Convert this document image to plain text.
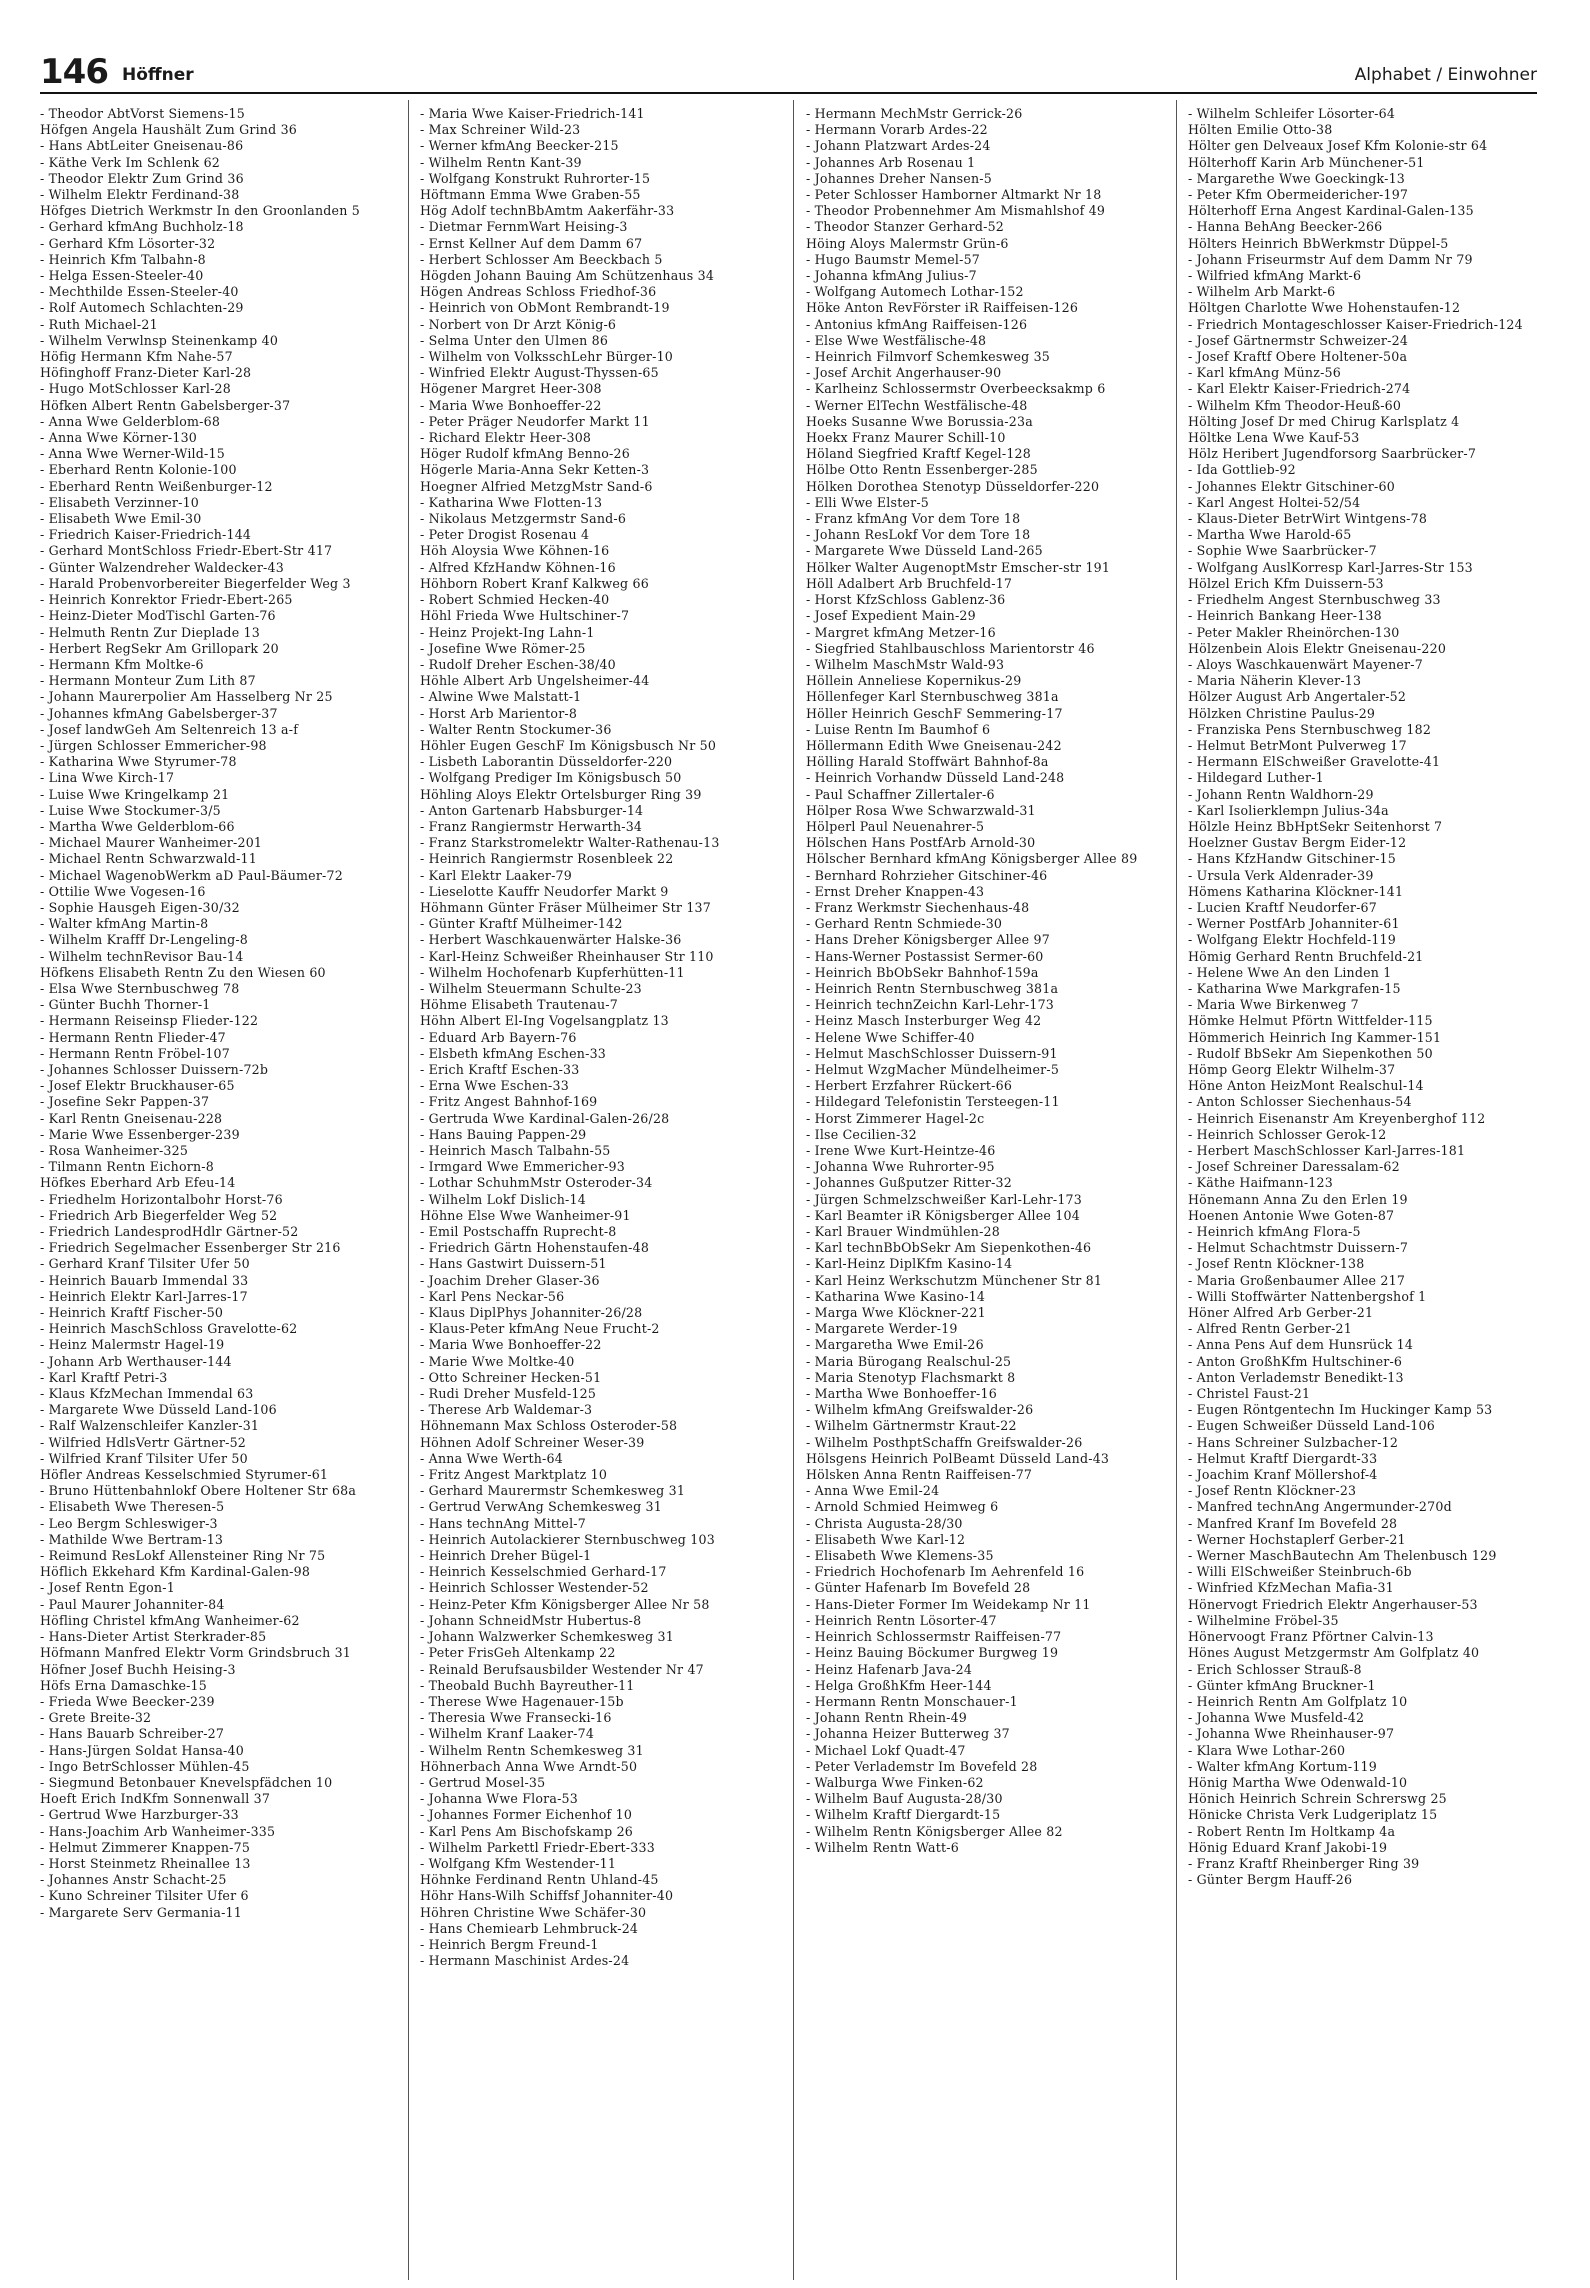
146 Höffner	Alphabet / Einwohner
- Theodor AbtVorst Siemens-15
Höfgen Angela Haushält Zum Grind 36
- Hans AbtLeiter Gneisenau-86
- Käthe Verk Im Schlenk 62
- Theodor Elektr Zum Grind 36
- Wilhelm Elektr Ferdinand-38
Höfges Dietrich Werkmstr In den Groonlanden 5
- Gerhard kfmAng Buchholz-18
- Gerhard Kfm Lösorter-32
- Heinrich Kfm Talbahn-8
- Helga Essen-Steeler-40
- Mechthilde Essen-Steeler-40
- Rolf Automech Schlachten-29
- Ruth Michael-21
- Wilhelm Verwlnsp Steinenkamp 40
Höfig Hermann Kfm Nahe-57
Höfinghoff Franz-Dieter Karl-28
- Hugo MotSchlosser Karl-28
Höfken Albert Rentn Gabelsberger-37
- Anna Wwe Gelderblom-68
- Anna Wwe Körner-130
- Anna Wwe Werner-Wild-15
- Eberhard Rentn Kolonie-100
- Eberhard Rentn Weißenburger-12
- Elisabeth Verzinner-10
- Elisabeth Wwe Emil-30
- Friedrich Kaiser-Friedrich-144
- Gerhard MontSchloss Friedr-Ebert-Str 417
- Günter Walzendreher Waldecker-43
- Harald Probenvorbereiter Biegerfelder Weg 3
- Heinrich Konrektor Friedr-Ebert-265
- Heinz-Dieter ModTischl Garten-76
- Helmuth Rentn Zur Dieplade 13
- Herbert RegSekr Am Grillopark 20
- Hermann Kfm Moltke-6
- Hermann Monteur Zum Lith 87
- Johann Maurerpolier Am Hasselberg Nr 25
- Johannes kfmAng Gabelsberger-37
- Josef landwGeh Am Seltenreich 13 a-f
- Jürgen Schlosser Emmericher-98
- Katharina Wwe Styrumer-78
- Lina Wwe Kirch-17
- Luise Wwe Kringelkamp 21
- Luise Wwe Stockumer-3/5
- Martha Wwe Gelderblom-66
- Michael Maurer Wanheimer-201
- Michael Rentn Schwarzwald-11
- Michael WagenobWerkm aD Paul-Bäumer-72
- Ottilie Wwe Vogesen-16
- Sophie Hausgeh Eigen-30/32
- Walter kfmAng Martin-8
- Wilhelm Krafff Dr-Lengeling-8
- Wilhelm technRevisor Bau-14
Höfkens Elisabeth Rentn Zu den Wiesen 60
- Elsa Wwe Sternbuschweg 78
- Günter Buchh Thorner-1
- Hermann Reiseinsp Flieder-122
- Hermann Rentn Flieder-47
- Hermann Rentn Fröbel-107
- Johannes Schlosser Duissern-72b
- Josef Elektr Bruckhauser-65
- Josefine Sekr Pappen-37
- Karl Rentn Gneisenau-228
- Marie Wwe Essenberger-239
- Rosa Wanheimer-325
- Tilmann Rentn Eichorn-8
Höfkes Eberhard Arb Efeu-14
- Friedhelm Horizontalbohr Horst-76
- Friedrich Arb Biegerfelder Weg 52
- Friedrich LandesprodHdlr Gärtner-52
- Friedrich Segelmacher Essenberger Str 216
- Gerhard Kranf Tilsiter Ufer 50
- Heinrich Bauarb Immendal 33
- Heinrich Elektr Karl-Jarres-17
- Heinrich Kraftf Fischer-50
- Heinrich MaschSchloss Gravelotte-62
- Heinz Malermstr Hagel-19
- Johann Arb Werthauser-144
- Karl Kraftf Petri-3
- Klaus KfzMechan Immendal 63
- Margarete Wwe Düsseld Land-106
- Ralf Walzenschleifer Kanzler-31
- Wilfried HdlsVertr Gärtner-52
- Wilfried Kranf Tilsiter Ufer 50
Höfler Andreas Kesselschmied Styrumer-61
- Bruno Hüttenbahnlokf Obere Holtener Str 68a
- Elisabeth Wwe Theresen-5
- Leo Bergm Schleswiger-3
- Mathilde Wwe Bertram-13
- Reimund ResLokf Allensteiner Ring Nr 75
Höflich Ekkehard Kfm Kardinal-Galen-98
- Josef Rentn Egon-1
- Paul Maurer Johanniter-84
Höfling Christel kfmAng Wanheimer-62
- Hans-Dieter Artist Sterkrader-85
Höfmann Manfred Elektr Vorm Grindsbruch 31
Höfner Josef Buchh Heising-3
Höfs Erna Damaschke-15
- Frieda Wwe Beecker-239
- Grete Breite-32
- Hans Bauarb Schreiber-27
- Hans-Jürgen Soldat Hansa-40
- Ingo BetrSchlosser Mühlen-45
- Siegmund Betonbauer Knevelspfädchen 10
Hoeft Erich IndKfm Sonnenwall 37
- Gertrud Wwe Harzburger-33
- Hans-Joachim Arb Wanheimer-335
- Helmut Zimmerer Knappen-75
- Horst Steinmetz Rheinallee 13
- Johannes Anstr Schacht-25
- Kuno Schreiner Tilsiter Ufer 6
- Margarete Serv Germania-11
- Maria Wwe Kaiser-Friedrich-141
- Max Schreiner Wild-23
- Werner kfmAng Beecker-215
- Wilhelm Rentn Kant-39
- Wolfgang Konstrukt Ruhrorter-15
Höftmann Emma Wwe Graben-55
Hög Adolf technBbAmtm Aakerfähr-33
- Dietmar FernmWart Heising-3
- Ernst Kellner Auf dem Damm 67
- Herbert Schlosser Am Beeckbach 5
Högden Johann Bauing Am Schützenhaus 34
Högen Andreas Schloss Friedhof-36
- Heinrich von ObMont Rembrandt-19
- Norbert von Dr Arzt König-6
- Selma Unter den Ulmen 86
- Wilhelm von VolksschLehr Bürger-10
- Winfried Elektr August-Thyssen-65
Högener Margret Heer-308
- Maria Wwe Bonhoeffer-22
- Peter Präger Neudorfer Markt 11
- Richard Elektr Heer-308
Höger Rudolf kfmAng Benno-26
Högerle Maria-Anna Sekr Ketten-3
Hoegner Alfried MetzgMstr Sand-6
- Katharina Wwe Flotten-13
- Nikolaus Metzgermstr Sand-6
- Peter Drogist Rosenau 4
Höh Aloysia Wwe Köhnen-16
- Alfred KfzHandw Köhnen-16
Höhborn Robert Kranf Kalkweg 66
- Robert Schmied Hecken-40
Höhl Frieda Wwe Hultschiner-7
- Heinz Projekt-Ing Lahn-1
- Josefine Wwe Römer-25
- Rudolf Dreher Eschen-38/40
Höhle Albert Arb Ungelsheimer-44
- Alwine Wwe Malstatt-1
- Horst Arb Marientor-8
- Walter Rentn Stockumer-36
Höhler Eugen GeschF Im Königsbusch Nr 50
- Lisbeth Laborantin Düsseldorfer-220
- Wolfgang Prediger Im Königsbusch 50
Höhling Aloys Elektr Ortelsburger Ring 39
- Anton Gartenarb Habsburger-14
- Franz Rangiermstr Herwarth-34
- Franz Starkstromelektr Walter-Rathenau-13
- Heinrich Rangiermstr Rosenbleek 22
- Karl Elektr Laaker-79
- Lieselotte Kauffr Neudorfer Markt 9
Höhmann Günter Fräser Mülheimer Str 137
- Günter Kraftf Mülheimer-142
- Herbert Waschkauenwärter Halske-36
- Karl-Heinz Schweißer Rheinhauser Str 110
- Wilhelm Hochofenarb Kupferhütten-11
- Wilhelm Steuermann Schulte-23
Höhme Elisabeth Trautenau-7
Höhn Albert El-Ing Vogelsangplatz 13
- Eduard Arb Bayern-76
- Elsbeth kfmAng Eschen-33
- Erich Kraftf Eschen-33
- Erna Wwe Eschen-33
- Fritz Angest Bahnhof-169
- Gertruda Wwe Kardinal-Galen-26/28
- Hans Bauing Pappen-29
- Heinrich Masch Talbahn-55
- Irmgard Wwe Emmericher-93
- Lothar SchuhmMstr Osteroder-34
- Wilhelm Lokf Dislich-14
Höhne Else Wwe Wanheimer-91
- Emil Postschaffn Ruprecht-8
- Friedrich Gärtn Hohenstaufen-48
- Hans Gastwirt Duissern-51
- Joachim Dreher Glaser-36
- Karl Pens Neckar-56
- Klaus DiplPhys Johanniter-26/28
- Klaus-Peter kfmAng Neue Frucht-2
- Maria Wwe Bonhoeffer-22
- Marie Wwe Moltke-40
- Otto Schreiner Hecken-51
- Rudi Dreher Musfeld-125
- Therese Arb Waldemar-3
Höhnemann Max Schloss Osteroder-58
Höhnen Adolf Schreiner Weser-39
- Anna Wwe Werth-64
- Fritz Angest Marktplatz 10
- Gerhard Maurermstr Schemkesweg 31
- Gertrud VerwAng Schemkesweg 31
- Hans technAng Mittel-7
- Heinrich Autolackierer Sternbuschweg 103
- Heinrich Dreher Bügel-1
- Heinrich Kesselschmied Gerhard-17
- Heinrich Schlosser Westender-52
- Heinz-Peter Kfm Königsberger Allee Nr 58
- Johann SchneidMstr Hubertus-8
- Johann Walzwerker Schemkesweg 31
- Peter FrisGeh Altenkamp 22
- Reinald Berufsausbilder Westender Nr 47
- Theobald Buchh Bayreuther-11
- Therese Wwe Hagenauer-15b
- Theresia Wwe Fransecki-16
- Wilhelm Kranf Laaker-74
- Wilhelm Rentn Schemkesweg 31
Höhnerbach Anna Wwe Arndt-50
- Gertrud Mosel-35
- Johanna Wwe Flora-53
- Johannes Former Eichenhof 10
- Karl Pens Am Bischofskamp 26
- Wilhelm Parkettl Friedr-Ebert-333
- Wolfgang Kfm Westender-11
Höhnke Ferdinand Rentn Uhland-45
Höhr Hans-Wilh Schiffsf Johanniter-40
Höhren Christine Wwe Schäfer-30
- Hans Chemiearb Lehmbruck-24
- Heinrich Bergm Freund-1
- Hermann Maschinist Ardes-24
- Hermann MechMstr Gerrick-26
- Hermann Vorarb Ardes-22
- Johann Platzwart Ardes-24
- Johannes Arb Rosenau 1
- Johannes Dreher Nansen-5
- Peter Schlosser Hamborner Altmarkt Nr 18
- Theodor Probennehmer Am Mismahlshof 49
- Theodor Stanzer Gerhard-52
Höing Aloys Malermstr Grün-6
- Hugo Baumstr Memel-57
- Johanna kfmAng Julius-7
- Wolfgang Automech Lothar-152
Höke Anton RevFörster iR Raiffeisen-126
- Antonius kfmAng Raiffeisen-126
- Else Wwe Westfälische-48
- Heinrich Filmvorf Schemkesweg 35
- Josef Archit Angerhauser-90
- Karlheinz Schlossermstr Overbeecksakmp 6
- Werner ElTechn Westfälische-48
Hoeks Susanne Wwe Borussia-23a
Hoekx Franz Maurer Schill-10
Höland Siegfried Kraftf Kegel-128
Hölbe Otto Rentn Essenberger-285
Hölken Dorothea Stenotyp Düsseldorfer-220
- Elli Wwe Elster-5
- Franz kfmAng Vor dem Tore 18
- Johann ResLokf Vor dem Tore 18
- Margarete Wwe Düsseld Land-265
Hölker Walter AugenoptMstr Emscher-str 191
Höll Adalbert Arb Bruchfeld-17
- Horst KfzSchloss Gablenz-36
- Josef Expedient Main-29
- Margret kfmAng Metzer-16
- Siegfried Stahlbauschloss Marientorstr 46
- Wilhelm MaschMstr Wald-93
Höllein Anneliese Kopernikus-29
Höllenfeger Karl Sternbuschweg 381a
Höller Heinrich GeschF Semmering-17
- Luise Rentn Im Baumhof 6
Höllermann Edith Wwe Gneisenau-242
Hölling Harald Stoffwärt Bahnhof-8a
- Heinrich Vorhandw Düsseld Land-248
- Paul Schaffner Zillertaler-6
Hölper Rosa Wwe Schwarzwald-31
Hölperl Paul Neuenahrer-5
Hölschen Hans PostfArb Arnold-30
Hölscher Bernhard kfmAng Königsberger Allee 89
- Bernhard Rohrzieher Gitschiner-46
- Ernst Dreher Knappen-43
- Franz Werkmstr Siechenhaus-48
- Gerhard Rentn Schmiede-30
- Hans Dreher Königsberger Allee 97
- Hans-Werner Postassist Sermer-60
- Heinrich BbObSekr Bahnhof-159a
- Heinrich Rentn Sternbuschweg 381a
- Heinrich technZeichn Karl-Lehr-173
- Heinz Masch Insterburger Weg 42
- Helene Wwe Schiffer-40
- Helmut MaschSchlosser Duissern-91
- Helmut WzgMacher Mündelheimer-5
- Herbert Erzfahrer Rückert-66
- Hildegard Telefonistin Tersteegen-11
- Horst Zimmerer Hagel-2c
- Ilse Cecilien-32
- Irene Wwe Kurt-Heintze-46
- Johanna Wwe Ruhrorter-95
- Johannes Gußputzer Ritter-32
- Jürgen Schmelzschweißer Karl-Lehr-173
- Karl Beamter iR Königsberger Allee 104
- Karl Brauer Windmühlen-28
- Karl technBbObSekr Am Siepenkothen-46
- Karl-Heinz DiplKfm Kasino-14
- Karl Heinz Werkschutzm Münchener Str 81
- Katharina Wwe Kasino-14
- Marga Wwe Klöckner-221
- Margarete Werder-19
- Margaretha Wwe Emil-26
- Maria Bürogang Realschul-25
- Maria Stenotyp Flachsmarkt 8
- Martha Wwe Bonhoeffer-16
- Wilhelm kfmAng Greifswalder-26
- Wilhelm Gärtnermstr Kraut-22
- Wilhelm PosthptSchaffn Greifswalder-26
Hölsgens Heinrich PolBeamt Düsseld Land-43
Hölsken Anna Rentn Raiffeisen-77
- Anna Wwe Emil-24
- Arnold Schmied Heimweg 6
- Christa Augusta-28/30
- Elisabeth Wwe Karl-12
- Elisabeth Wwe Klemens-35
- Friedrich Hochofenarb Im Aehrenfeld 16
- Günter Hafenarb Im Bovefeld 28
- Hans-Dieter Former Im Weidekamp Nr 11
- Heinrich Rentn Lösorter-47
- Heinrich Schlossermstr Raiffeisen-77
- Heinz Bauing Böckumer Burgweg 19
- Heinz Hafenarb Java-24
- Helga GroßhKfm Heer-144
- Hermann Rentn Monschauer-1
- Johann Rentn Rhein-49
- Johanna Heizer Butterweg 37
- Michael Lokf Quadt-47
- Peter Verlademstr Im Bovefeld 28
- Walburga Wwe Finken-62
- Wilhelm Bauf Augusta-28/30
- Wilhelm Kraftf Diergardt-15
- Wilhelm Rentn Königsberger Allee 82
- Wilhelm Rentn Watt-6
- Wilhelm Schleifer Lösorter-64
Hölten Emilie Otto-38
Hölter gen Delveaux Josef Kfm Kolonie-str 64
Hölterhoff Karin Arb Münchener-51
- Margarethe Wwe Goeckingk-13
- Peter Kfm Obermeidericher-197
Hölterhoff Erna Angest Kardinal-Galen-135
- Hanna BehAng Beecker-266
Hölters Heinrich BbWerkmstr Düppel-5
- Johann Friseurmstr Auf dem Damm Nr 79
- Wilfried kfmAng Markt-6
- Wilhelm Arb Markt-6
Höltgen Charlotte Wwe Hohenstaufen-12
- Friedrich Montageschlosser Kaiser-Friedrich-124
- Josef Gärtnermstr Schweizer-24
- Josef Kraftf Obere Holtener-50a
- Karl kfmAng Münz-56
- Karl Elektr Kaiser-Friedrich-274
- Wilhelm Kfm Theodor-Heuß-60
Hölting Josef Dr med Chirug Karlsplatz 4
Höltke Lena Wwe Kauf-53
Hölz Heribert Jugendforsorg Saarbrücker-7
- Ida Gottlieb-92
- Johannes Elektr Gitschiner-60
- Karl Angest Holtei-52/54
- Klaus-Dieter BetrWirt Wintgens-78
- Martha Wwe Harold-65
- Sophie Wwe Saarbrücker-7
- Wolfgang AuslKorresp Karl-Jarres-Str 153
Hölzel Erich Kfm Duissern-53
- Friedhelm Angest Sternbuschweg 33
- Heinrich Bankang Heer-138
- Peter Makler Rheinörchen-130
Hölzenbein Alois Elektr Gneisenau-220
- Aloys Waschkauenwärt Mayener-7
- Maria Näherin Klever-13
Hölzer August Arb Angertaler-52
Hölzken Christine Paulus-29
- Franziska Pens Sternbuschweg 182
- Helmut BetrMont Pulverweg 17
- Hermann ElSchweißer Gravelotte-41
- Hildegard Luther-1
- Johann Rentn Waldhorn-29
- Karl Isolierklempn Julius-34a
Hölzle Heinz BbHptSekr Seitenhorst 7
Hoelzner Gustav Bergm Eider-12
- Hans KfzHandw Gitschiner-15
- Ursula Verk Aldenrader-39
Hömens Katharina Klöckner-141
- Lucien Kraftf Neudorfer-67
- Werner PostfArb Johanniter-61
- Wolfgang Elektr Hochfeld-119
Hömig Gerhard Rentn Bruchfeld-21
- Helene Wwe An den Linden 1
- Katharina Wwe Markgrafen-15
- Maria Wwe Birkenweg 7
Hömke Helmut Pförtn Wittfelder-115
Hömmerich Heinrich Ing Kammer-151
- Rudolf BbSekr Am Siepenkothen 50
Hömp Georg Elektr Wilhelm-37
Höne Anton HeizMont Realschul-14
- Anton Schlosser Siechenhaus-54
- Heinrich Eisenanstr Am Kreyenberghof 112
- Heinrich Schlosser Gerok-12
- Herbert MaschSchlosser Karl-Jarres-181
- Josef Schreiner Daressalam-62
- Käthe Haifmann-123
Hönemann Anna Zu den Erlen 19
Hoenen Antonie Wwe Goten-87
- Heinrich kfmAng Flora-5
- Helmut Schachtmstr Duissern-7
- Josef Rentn Klöckner-138
- Maria Großenbaumer Allee 217
- Willi Stoffwärter Nattenbergshof 1
Höner Alfred Arb Gerber-21
- Alfred Rentn Gerber-21
- Anna Pens Auf dem Hunsrück 14
- Anton GroßhKfm Hultschiner-6
- Anton Verlademstr Benedikt-13
- Christel Faust-21
- Eugen Röntgentechn Im Huckinger Kamp 53
- Eugen Schweißer Düsseld Land-106
- Hans Schreiner Sulzbacher-12
- Helmut Kraftf Diergardt-33
- Joachim Kranf Möllershof-4
- Josef Rentn Klöckner-23
- Manfred technAng Angermunder-270d
- Manfred Kranf Im Bovefeld 28
- Werner Hochstaplerf Gerber-21
- Werner MaschBautechn Am Thelenbusch 129
- Willi ElSchweißer Steinbruch-6b
- Winfried KfzMechan Mafia-31
Hönervogt Friedrich Elektr Angerhauser-53
- Wilhelmine Fröbel-35
Hönervoogt Franz Pförtner Calvin-13
Hönes August Metzgermstr Am Golfplatz 40
- Erich Schlosser Strauß-8
- Günter kfmAng Bruckner-1
- Heinrich Rentn Am Golfplatz 10
- Johanna Wwe Musfeld-42
- Johanna Wwe Rheinhauser-97
- Klara Wwe Lothar-260
- Walter kfmAng Kortum-119
Hönig Martha Wwe Odenwald-10
Hönich Heinrich Schrein Schrerswg 25
Hönicke Christa Verk Ludgeriplatz 15
- Robert Rentn Im Holtkamp 4a
Hönig Eduard Kranf Jakobi-19
- Franz Kraftf Rheinberger Ring 39
- Günter Bergm Hauff-26
